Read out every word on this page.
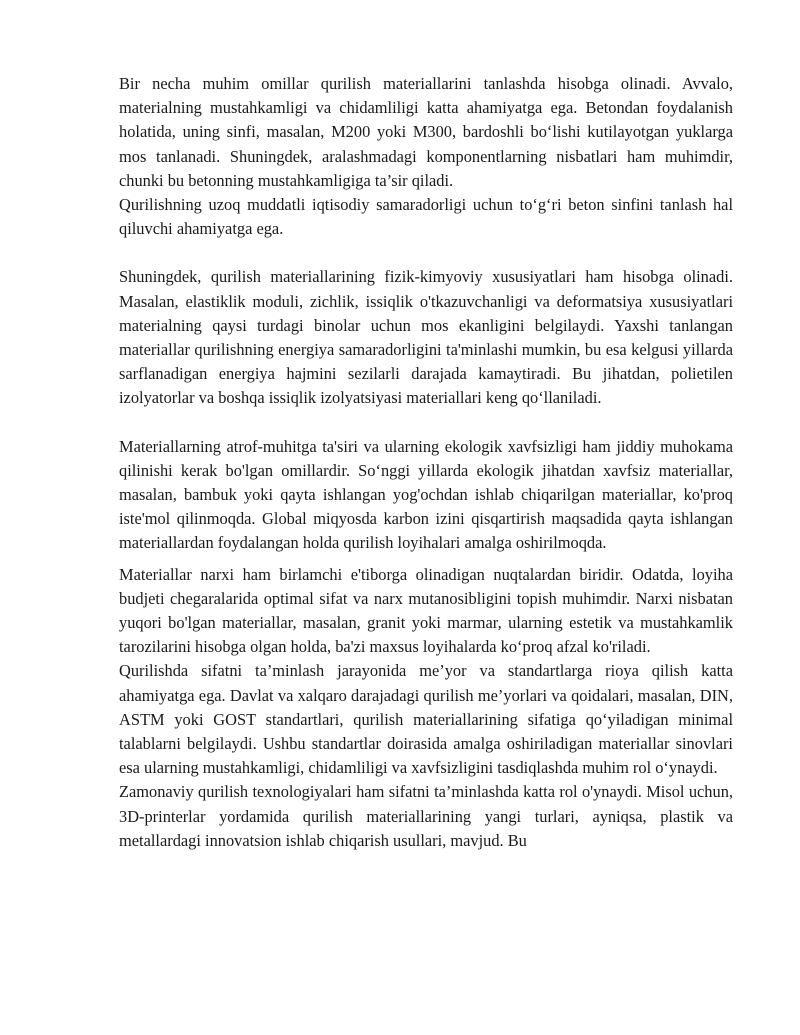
Bir necha muhim omillar qurilish materiallarini tanlashda hisobga olinadi. Avvalo, materialning mustahkamligi va chidamliligi katta ahamiyatga ega. Betondan foydalanish holatida, uning sinfi, masalan, M200 yoki M300, bardoshli bo‘lishi kutilayotgan yuklarga mos tanlanadi. Shuningdek, aralashmadagi komponentlarning nisbatlari ham muhimdir, chunki bu betonning mustahkamligiga ta’sir qiladi.

Qurilishning uzoq muddatli iqtisodiy samaradorligi uchun to‘g‘ri beton sinfini tanlash hal qiluvchi ahamiyatga ega.

Shuningdek, qurilish materiallarining fizik-kimyoviy xususiyatlari ham hisobga olinadi. Masalan, elastiklik moduli, zichlik, issiqlik o'tkazuvchanligi va deformatsiya xususiyatlari materialning qaysi turdagi binolar uchun mos ekanligini belgilaydi. Yaxshi tanlangan materiallar qurilishning energiya samaradorligini ta'minlashi mumkin, bu esa kelgusi yillarda sarflanadigan energiya hajmini sezilarli darajada kamaytiradi. Bu jihatdan, polietilen izolyatorlar va boshqa issiqlik izolyatsiyasi materiallari keng qo‘llaniladi.

Materiallarning atrof-muhitga ta'siri va ularning ekologik xavfsizligi ham jiddiy muhokama qilinishi kerak bo'lgan omillardir. So‘nggi yillarda ekologik jihatdan xavfsiz materiallar, masalan, bambuk yoki qayta ishlangan yog'ochdan ishlab chiqarilgan materiallar, ko'proq iste'mol qilinmoqda. Global miqyosda karbon izini qisqartirish maqsadida qayta ishlangan materiallardan foydalangan holda qurilish loyihalari amalga oshirilmoqda.

Materiallar narxi ham birlamchi e'tiborga olinadigan nuqtalardan biridir. Odatda, loyiha budjeti chegaralarida optimal sifat va narx mutanosibligini topish muhimdir. Narxi nisbatan yuqori bo'lgan materiallar, masalan, granit yoki marmar, ularning estetik va mustahkamlik tarozilarini hisobga olgan holda, ba'zi maxsus loyihalarda ko‘proq afzal ko'riladi.

Qurilishda sifatni ta’minlash jarayonida me’yor va standartlarga rioya qilish katta ahamiyatga ega. Davlat va xalqaro darajadagi qurilish me’yorlari va qoidalari, masalan, DIN, ASTM yoki GOST standartlari, qurilish materiallarining sifatiga qo‘yiladigan minimal talablarni belgilaydi. Ushbu standartlar doirasida amalga oshiriladigan materiallar sinovlari esa ularning mustahkamligi, chidamliligi va xavfsizligini tasdiqlashda muhim rol o‘ynaydi.

Zamonaviy qurilish texnologiyalari ham sifatni ta’minlashda katta rol o'ynaydi. Misol uchun, 3D-printerlar yordamida qurilish materiallarining yangi turlari, ayniqsa, plastik va metallardagi innovatsion ishlab chiqarish usullari, mavjud. Bu
